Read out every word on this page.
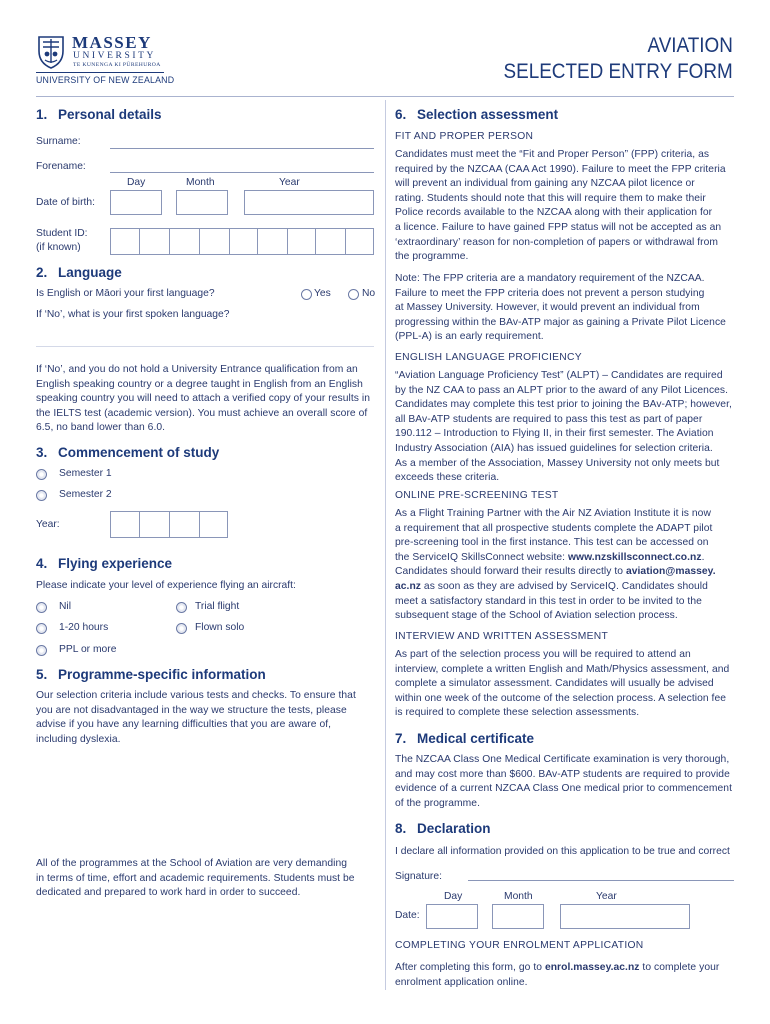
MASSEY
UNIVERSITY
TE KUNENGA KI PŪREHUROA
UNIVERSITY OF NEW ZEALAND
AVIATION
SELECTED ENTRY FORM
1. Personal details
Surname:
Forename:
Day	Month	Year
Date of birth:
Student ID:
(if known)
2. Language
Is English or Māori your first language?	Yes	No
If ‘No’, what is your first spoken language?
If ‘No’, and you do not hold a University Entrance qualification from an
English speaking country or a degree taught in English from an English
speaking country you will need to attach a verified copy of your results in
the IELTS test (academic version). You must achieve an overall score of
6.5, no band lower than 6.0.
3. Commencement of study
Semester 1
Semester 2
Year:
4. Flying experience
Please indicate your level of experience flying an aircraft:
Nil	Trial flight
1-20 hours	Flown solo
PPL or more
5. Programme-specific information
Our selection criteria include various tests and checks. To ensure that
you are not disadvantaged in the way we structure the tests, please
advise if you have any learning difficulties that you are aware of,
including dyslexia.
All of the programmes at the School of Aviation are very demanding
in terms of time, effort and academic requirements. Students must be
dedicated and prepared to work hard in order to succeed.
6. Selection assessment
FIT AND PROPER PERSON
Candidates must meet the “Fit and Proper Person” (FPP) criteria, as
required by the NZCAA (CAA Act 1990). Failure to meet the FPP criteria
will prevent an individual from gaining any NZCAA pilot licence or
rating. Students should note that this will require them to make their
Police records available to the NZCAA along with their application for
a licence. Failure to have gained FPP status will not be accepted as an
‘extraordinary’ reason for non-completion of papers or withdrawal from
the programme.
Note: The FPP criteria are a mandatory requirement of the NZCAA.
Failure to meet the FPP criteria does not prevent a person studying
at Massey University. However, it would prevent an individual from
progressing within the BAv-ATP major as gaining a Private Pilot Licence
(PPL-A) is an early requirement.
ENGLISH LANGUAGE PROFICIENCY
“Aviation Language Proficiency Test” (ALPT) – Candidates are required
by the NZ CAA to pass an ALPT prior to the award of any Pilot Licences.
Candidates may complete this test prior to joining the BAv-ATP; however,
all BAv-ATP students are required to pass this test as part of paper
190.112 – Introduction to Flying II, in their first semester. The Aviation
Industry Association (AIA) has issued guidelines for selection criteria.
As a member of the Association, Massey University not only meets but
exceeds these criteria.
ONLINE PRE-SCREENING TEST
As a Flight Training Partner with the Air NZ Aviation Institute it is now
a requirement that all prospective students complete the ADAPT pilot
pre-screening tool in the first instance. This test can be accessed on
the ServiceIQ SkillsConnect website: www.nzskillsconnect.co.nz.
Candidates should forward their results directly to aviation@massey.
ac.nz as soon as they are advised by ServiceIQ. Candidates should
meet a satisfactory standard in this test in order to be invited to the
subsequent stage of the School of Aviation selection process.
INTERVIEW AND WRITTEN ASSESSMENT
As part of the selection process you will be required to attend an
interview, complete a written English and Math/Physics assessment, and
complete a simulator assessment. Candidates will usually be advised
within one week of the outcome of the selection process. A selection fee
is required to complete these selection assessments.
7. Medical certificate
The NZCAA Class One Medical Certificate examination is very thorough,
and may cost more than $600. BAv-ATP students are required to provide
evidence of a current NZCAA Class One medical prior to commencement
of the programme.
8. Declaration
I declare all information provided on this application to be true and correct
Signature:
Day	Month	Year
Date:
COMPLETING YOUR ENROLMENT APPLICATION
After completing this form, go to enrol.massey.ac.nz to complete your
enrolment application online.
